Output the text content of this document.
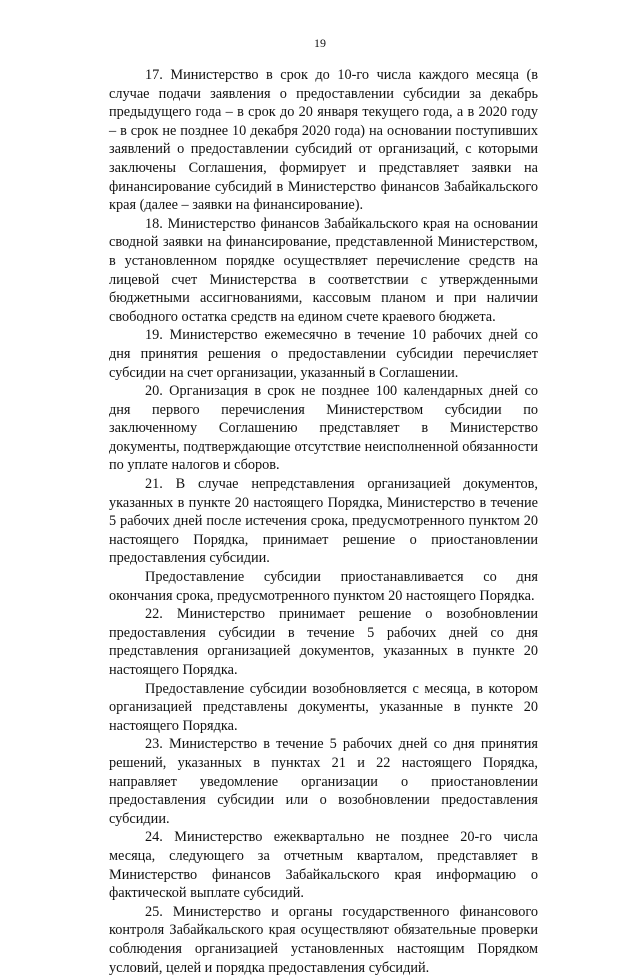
19

17. Министерство в срок до 10-го числа каждого месяца (в случае подачи заявления о предоставлении субсидии за декабрь предыдущего года – в срок до 20 января текущего года, а в 2020 году – в срок не позднее 10 декабря 2020 года) на основании поступивших заявлений о предоставлении субсидий от организаций, с которыми заключены Соглашения, формирует и представляет заявки на финансирование субсидий в Министерство финансов Забайкальского края (далее – заявки на финансирование).

18. Министерство финансов Забайкальского края на основании сводной заявки на финансирование, представленной Министерством, в установленном порядке осуществляет перечисление средств на лицевой счет Министерства в соответствии с утвержденными бюджетными ассигнованиями, кассовым планом и при наличии свободного остатка средств на едином счете краевого бюджета.

19. Министерство ежемесячно в течение 10 рабочих дней со дня принятия решения о предоставлении субсидии перечисляет субсидии на счет организации, указанный в Соглашении.

20. Организация в срок не позднее 100 календарных дней со дня первого перечисления Министерством субсидии по заключенному Соглашению представляет в Министерство документы, подтверждающие отсутствие неисполненной обязанности по уплате налогов и сборов.

21. В случае непредставления организацией документов, указанных в пункте 20 настоящего Порядка, Министерство в течение 5 рабочих дней после истечения срока, предусмотренного пунктом 20 настоящего Порядка, принимает решение о приостановлении предоставления субсидии.

Предоставление субсидии приостанавливается со дня окончания срока, предусмотренного пунктом 20 настоящего Порядка.

22. Министерство принимает решение о возобновлении предоставления субсидии в течение 5 рабочих дней со дня представления организацией документов, указанных в пункте 20 настоящего Порядка.

Предоставление субсидии возобновляется с месяца, в котором организацией представлены документы, указанные в пункте 20 настоящего Порядка.

23. Министерство в течение 5 рабочих дней со дня принятия решений, указанных в пунктах 21 и 22 настоящего Порядка, направляет уведомление организации о приостановлении предоставления субсидии или о возобновлении предоставления субсидии.

24. Министерство ежеквартально не позднее 20-го числа месяца, следующего за отчетным кварталом, представляет в Министерство финансов Забайкальского края информацию о фактической выплате субсидий.

25. Министерство и органы государственного финансового контроля Забайкальского края осуществляют обязательные проверки соблюдения организацией установленных настоящим Порядком условий, целей и порядка предоставления субсидий.
